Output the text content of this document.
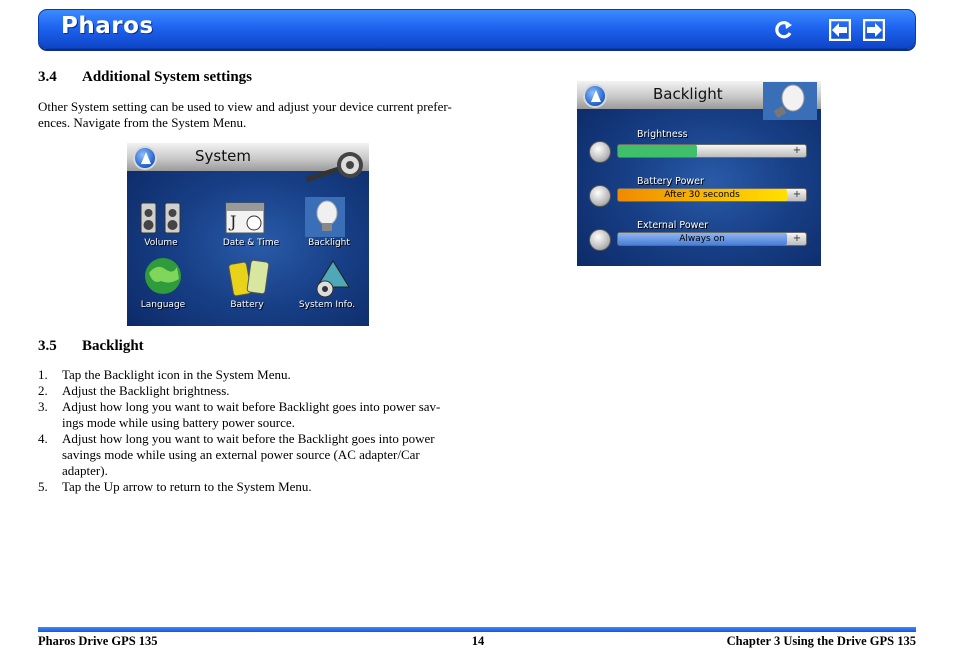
Pharos
3.4 Additional System settings
Other System setting can be used to view and adjust your device current prefer-
ences. Navigate from the System Menu.
System
Volume
J
Date & Time	Backlight
Language	Battery	System Info.
3.5 Backlight
1. Tap the Backlight icon in the System Menu.
2. Adjust the Backlight brightness.
3. Adjust how long you want to wait before Backlight goes into power sav-
ings mode while using battery power source.
4. Adjust how long you want to wait before the Backlight goes into power
savings mode while using an external power source (AC adapter/Car
adapter).
5. Tap the Up arrow to return to the System Menu.
Backlight
Brightness
+
Battery Power
After 30 seconds	+
External Power
Always on	+
Pharos Drive GPS 135	14	Chapter 3 Using the Drive GPS 135
